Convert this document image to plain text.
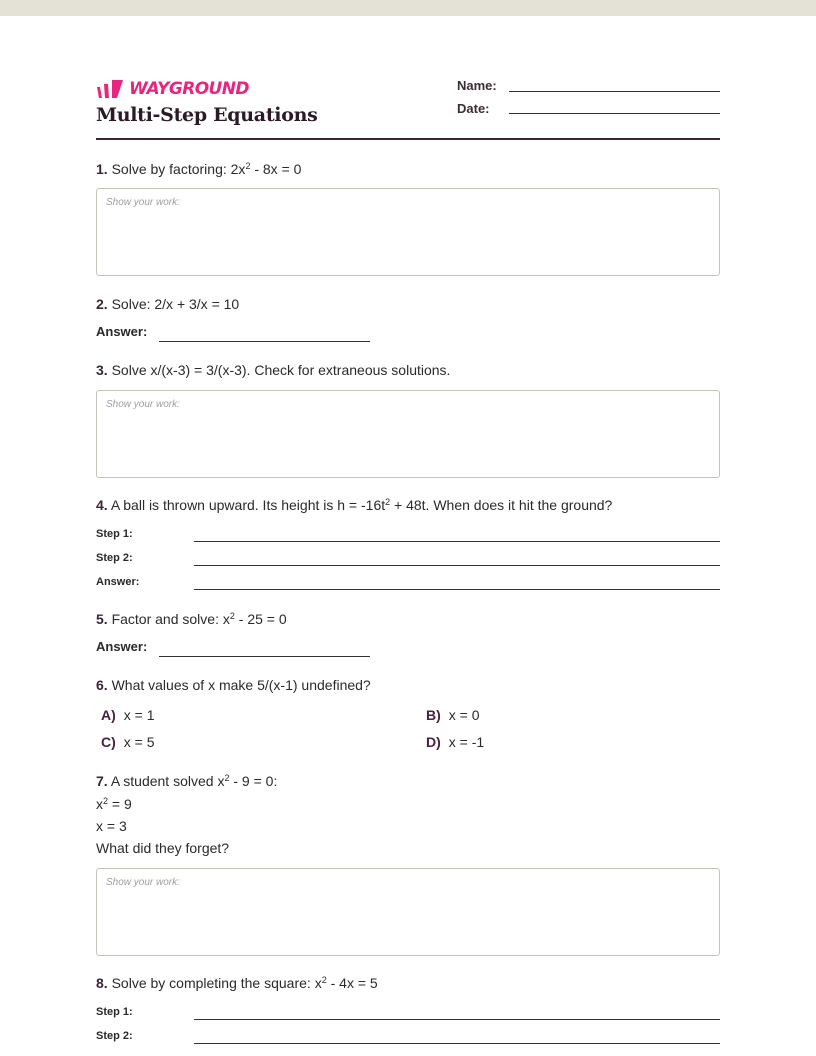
WAYGROUND
Multi-Step Equations
Name:
Date:
1. Solve by factoring: $2x^2 - 8x = 0$
Show your work:
2. Solve: 2/x + 3/x = 10
Answer:
3. Solve x/(x-3) = 3/(x-3). Check for extraneous solutions.
Show your work:
4. A ball is thrown upward. Its height is $h = -16t^2 + 48t$. When does it hit the ground?
Step 1:
Step 2:
Answer:
5. Factor and solve: $x^2 - 25 = 0$
Answer:
6. What values of x make 5/(x-1) undefined?
A) x = 1	B) x = 0
C) x = 5	D) x = -1
7. A student solved $x^2 - 9 = 0$:
$x^2 = 9$
x = 3
What did they forget?
Show your work:
8. Solve by completing the square: $x^2 - 4x = 5$
Step 1:
Step 2:
